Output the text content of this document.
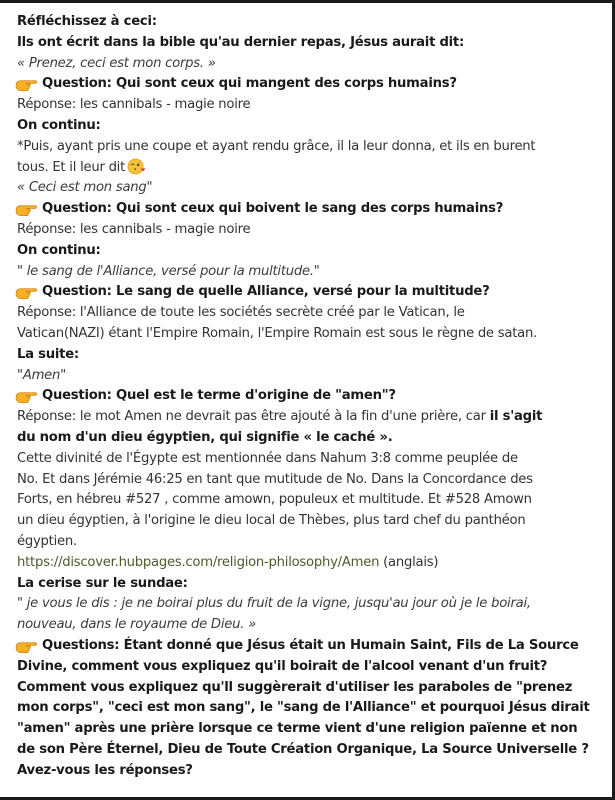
Réfléchissez à ceci:
Ils ont écrit dans la bible qu'au dernier repas, Jésus aurait dit:
« Prenez, ceci est mon corps. »
Question: Qui sont ceux qui mangent des corps humains?
Réponse: les cannibals - magie noire
On continu:
*Puis, ayant pris une coupe et ayant rendu grâce, il la leur donna, et ils en burent
tous. Et il leur dit
« Ceci est mon sang"
Question: Qui sont ceux qui boivent le sang des corps humains?
Réponse: les cannibals - magie noire
On continu:
" le sang de l'Alliance, versé pour la multitude."
Question: Le sang de quelle Alliance, versé pour la multitude?
Réponse: l'Alliance de toute les sociétés secrète créé par le Vatican, le
Vatican(NAZI) étant l'Empire Romain, l'Empire Romain est sous le règne de satan.
La suite:
"Amen"
Question: Quel est le terme d'origine de "amen"?
Réponse: le mot Amen ne devrait pas être ajouté à la fin d'une prière, car il s'agit
du nom d'un dieu égyptien, qui signifie « le caché ».
Cette divinité de l'Égypte est mentionnée dans Nahum 3:8 comme peuplée de
No. Et dans Jérémie 46:25 en tant que mutitude de No. Dans la Concordance des
Forts, en hébreu #527 , comme amown, populeux et multitude. Et #528 Amown
un dieu égyptien, à l'origine le dieu local de Thèbes, plus tard chef du panthéon
égyptien.
https://discover.hubpages.com/religion-philosophy/Amen (anglais)
La cerise sur le sundae:
" je vous le dis : je ne boirai plus du fruit de la vigne, jusqu'au jour où je le boirai,
nouveau, dans le royaume de Dieu. »
Questions: Étant donné que Jésus était un Humain Saint, Fils de La Source
Divine, comment vous expliquez qu'il boirait de l'alcool venant d'un fruit?
Comment vous expliquez qu'll suggèrerait d'utiliser les paraboles de "prenez
mon corps", "ceci est mon sang", le "sang de l'Alliance" et pourquoi Jésus dirait
"amen" après une prière lorsque ce terme vient d'une religion païenne et non
de son Père Éternel, Dieu de Toute Création Organique, La Source Universelle ?
Avez-vous les réponses?
